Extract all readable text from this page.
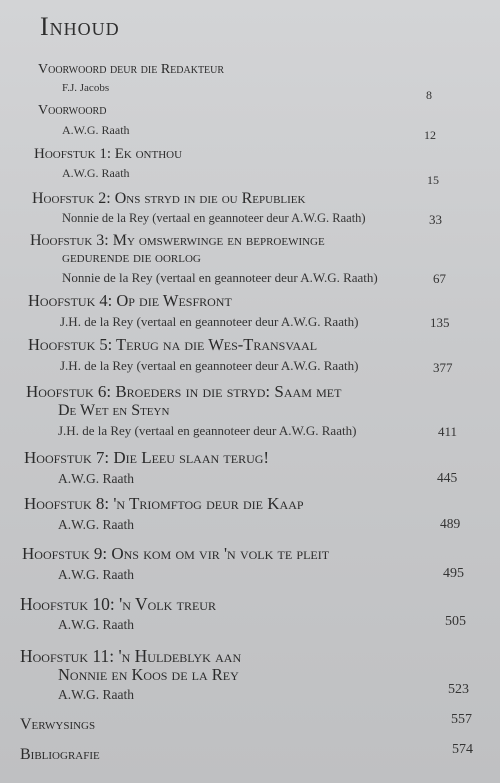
Inhoud
Voorwoord deur die Redakteur
F.J. Jacobs	8
Voorwoord
A.W.G. Raath	12
Hoofstuk 1: Ek onthou
A.W.G. Raath	15
Hoofstuk 2: Ons stryd in die ou Republiek
Nonnie de la Rey (vertaal en geannoteer deur A.W.G. Raath)	33
Hoofstuk 3: My omswerwinge en beproewinge
gedurende die oorlog
Nonnie de la Rey (vertaal en geannoteer deur A.W.G. Raath)	67
Hoofstuk 4: Op die Wesfront
J.H. de la Rey (vertaal en geannoteer deur A.W.G. Raath)	135
Hoofstuk 5: Terug na die Wes-Transvaal
J.H. de la Rey (vertaal en geannoteer deur A.W.G. Raath)	377
Hoofstuk 6: Broeders in die stryd: Saam met
De Wet en Steyn
J.H. de la Rey (vertaal en geannoteer deur A.W.G. Raath)	411
Hoofstuk 7: Die Leeu slaan terug!
A.W.G. Raath	445
Hoofstuk 8: 'n Triomftog deur die Kaap
A.W.G. Raath	489
Hoofstuk 9: Ons kom om vir 'n volk te pleit
A.W.G. Raath	495
Hoofstuk 10: 'n Volk treur
A.W.G. Raath	505
Hoofstuk 11: 'n Huldeblyk aan
Nonnie en Koos de la Rey
A.W.G. Raath	523
Verwysings	557
Bibliografie	574
